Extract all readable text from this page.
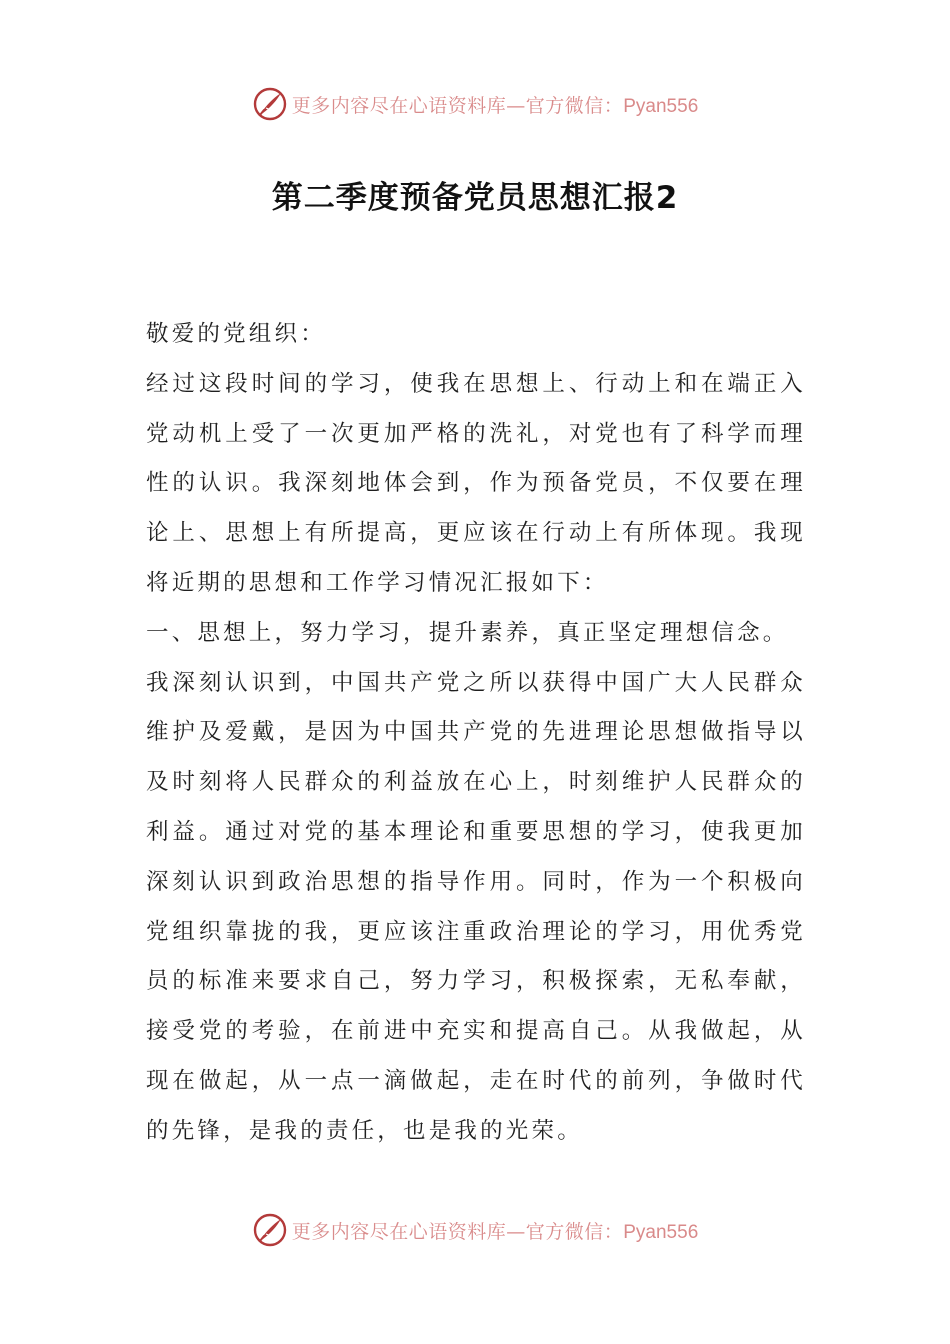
更多内容尽在心语资料库—官方微信：Pyan556
第二季度预备党员思想汇报2

敬爱的党组织：

经过这段时间的学习，使我在思想上、行动上和在端正入党动机上受了一次更加严格的洗礼，对党也有了科学而理性的认识。我深刻地体会到，作为预备党员，不仅要在理论上、思想上有所提高，更应该在行动上有所体现。我现将近期的思想和工作学习情况汇报如下：

一、思想上，努力学习，提升素养，真正坚定理想信念。

我深刻认识到，中国共产党之所以获得中国广大人民群众维护及爱戴，是因为中国共产党的先进理论思想做指导以及时刻将人民群众的利益放在心上，时刻维护人民群众的利益。通过对党的基本理论和重要思想的学习，使我更加深刻认识到政治思想的指导作用。同时，作为一个积极向党组织靠拢的我，更应该注重政治理论的学习，用优秀党员的标准来要求自己，努力学习，积极探索，无私奉献，接受党的考验，在前进中充实和提高自己。从我做起，从现在做起，从一点一滴做起，走在时代的前列，争做时代的先锋，是我的责任，也是我的光荣。

更多内容尽在心语资料库—官方微信：Pyan556
